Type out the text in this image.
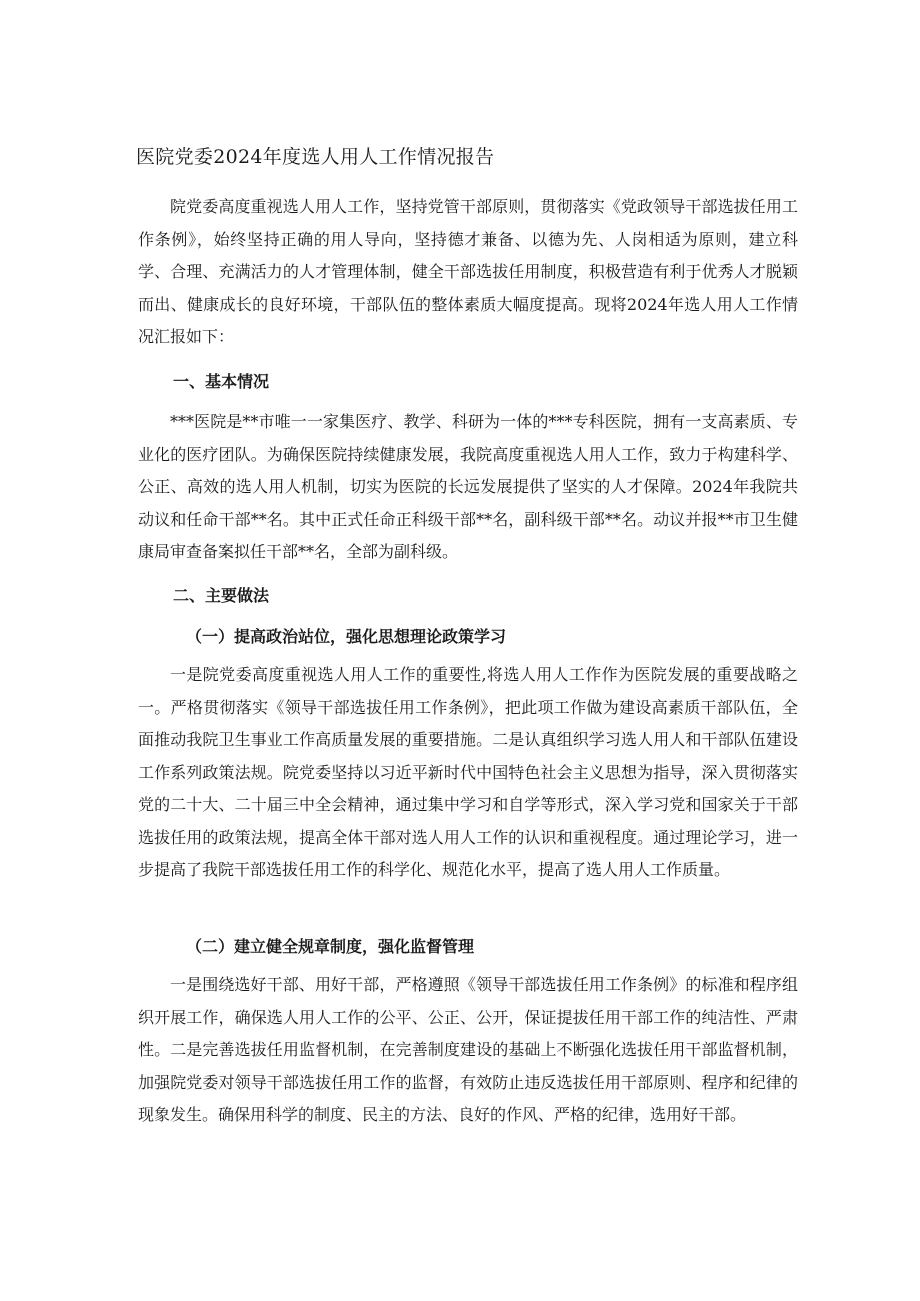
医院党委2024年度选人用人工作情况报告

院党委高度重视选人用人工作，坚持党管干部原则，贯彻落实《党政领导干部选拔任用工作条例》，始终坚持正确的用人导向，坚持德才兼备、以德为先、人岗相适为原则，建立科学、合理、充满活力的人才管理体制，健全干部选拔任用制度，积极营造有利于优秀人才脱颖而出、健康成长的良好环境，干部队伍的整体素质大幅度提高。现将2024年选人用人工作情况汇报如下：

一、基本情况

***医院是**市唯一一家集医疗、教学、科研为一体的***专科医院，拥有一支高素质、专业化的医疗团队。为确保医院持续健康发展，我院高度重视选人用人工作，致力于构建科学、公正、高效的选人用人机制，切实为医院的长远发展提供了坚实的人才保障。2024年我院共动议和任命干部**名。其中正式任命正科级干部**名，副科级干部**名。动议并报**市卫生健康局审查备案拟任干部**名，全部为副科级。

二、主要做法
（一）提高政治站位，强化思想理论政策学习

一是院党委高度重视选人用人工作的重要性,将选人用人工作作为医院发展的重要战略之一。严格贯彻落实《领导干部选拔任用工作条例》，把此项工作做为建设高素质干部队伍，全面推动我院卫生事业工作高质量发展的重要措施。二是认真组织学习选人用人和干部队伍建设工作系列政策法规。院党委坚持以习近平新时代中国特色社会主义思想为指导，深入贯彻落实党的二十大、二十届三中全会精神，通过集中学习和自学等形式，深入学习党和国家关于干部选拔任用的政策法规，提高全体干部对选人用人工作的认识和重视程度。通过理论学习，进一步提高了我院干部选拔任用工作的科学化、规范化水平，提高了选人用人工作质量。

（二）建立健全规章制度，强化监督管理

一是围绕选好干部、用好干部，严格遵照《领导干部选拔任用工作条例》的标准和程序组织开展工作，确保选人用人工作的公平、公正、公开，保证提拔任用干部工作的纯洁性、严肃性。二是完善选拔任用监督机制，在完善制度建设的基础上不断强化选拔任用干部监督机制，加强院党委对领导干部选拔任用工作的监督，有效防止违反选拔任用干部原则、程序和纪律的现象发生。确保用科学的制度、民主的方法、良好的作风、严格的纪律，选用好干部。
